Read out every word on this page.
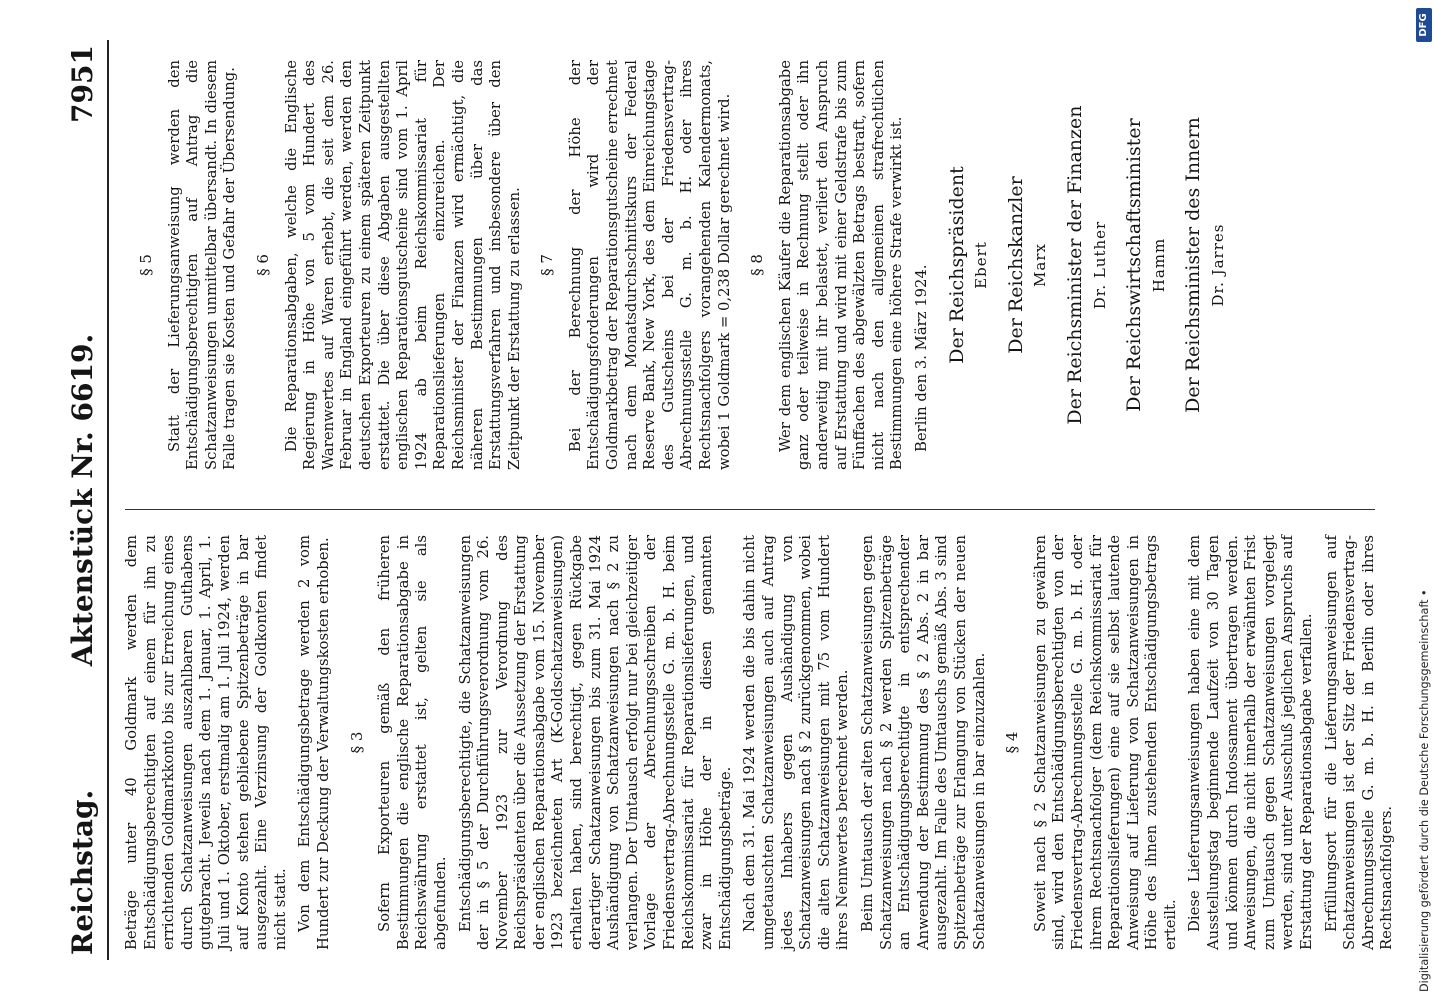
Reichstag.
Aktenstück Nr. 6619.
7951

Beträge unter 40 Goldmark werden dem Entschädigungsberechtigten auf einem für ihn zu errichtenden Goldmarkkonto bis zur Erreichung eines durch Schatzanweisungen auszahlbaren Guthabens gutgebracht. Jeweils nach dem 1. Januar, 1. April, 1. Juli und 1. Oktober, erstmalig am 1. Juli 1924, werden auf Konto stehen gebliebene Spitzenbeträge in bar ausgezahlt. Eine Verzinsung der Goldkonten findet nicht statt. Von dem Entschädigungsbetrage werden 2 vom Hundert zur Deckung der Verwaltungskosten erhoben. § 3 Sofern Exporteuren gemäß den früheren Bestimmungen die englische Reparationsabgabe in Reichswährung erstattet ist, gelten sie als abgefunden. Entschädigungsberechtigte, die Schatzanweisungen der in § 5 der Durchführungsverordnung vom 26. November 1923 zur Verordnung des Reichspräsidenten über die Aussetzung der Erstattung der englischen Reparationsabgabe vom 15. November 1923 bezeichneten Art (K-Goldschatzanweisungen) erhalten haben, sind berechtigt, gegen Rückgabe derartiger Schatzanweisungen bis zum 31. Mai 1924 Aushändigung von Schatzanweisungen nach § 2 zu verlangen. Der Umtausch erfolgt nur bei gleichzeitiger Vorlage der Abrechnungsschreiben der Friedensvertrag-Abrechnungsstelle G. m. b. H. beim Reichskommissariat für Reparationslieferungen, und zwar in Höhe der in diesen genannten Entschädigungsbeträge. Nach dem 31. Mai 1924 werden die bis dahin nicht umgetauschten Schatzanweisungen auch auf Antrag jedes Inhabers gegen Aushändigung von Schatzanweisungen nach § 2 zurückgenommen, wobei die alten Schatzanweisungen mit 75 vom Hundert ihres Nennwertes berechnet werden. Beim Umtausch der alten Schatzanweisungen gegen Schatzanweisungen nach § 2 werden Spitzenbeträge an Entschädigungsberechtigte in entsprechender Anwendung der Bestimmung des § 2 Abs. 2 in bar ausgezahlt. Im Falle des Umtauschs gemäß Abs. 3 sind Spitzenbeträge zur Erlangung von Stücken der neuen Schatzanweisungen in bar einzuzahlen. § 4 Soweit nach § 2 Schatzanweisungen zu gewähren sind, wird den Entschädigungsberechtigten von der Friedensvertrag-Abrechnungsstelle G. m. b. H. oder ihrem Rechtsnachfolger (dem Reichskommissariat für Reparationslieferungen) eine auf sie selbst lautende Anweisung auf Lieferung von Schatzanweisungen in Höhe des ihnen zustehenden Entschädigungsbetrags erteilt. Diese Lieferungsanweisungen haben eine mit dem Ausstellungstag beginnende Laufzeit von 30 Tagen und können durch Indossament übertragen werden. Anweisungen, die nicht innerhalb der erwähnten Frist zum Umtausch gegen Schatzanweisungen vorgelegt werden, sind unter Ausschluß jeglichen Anspruchs auf Erstattung der Reparationsabgabe verfallen. Erfüllungsort für die Lieferungsanweisungen auf Schatzanweisungen ist der Sitz der Friedensvertrag-Abrechnungsstelle G. m. b. H. in Berlin oder ihres Rechtsnachfolgers.

§ 5 Statt der Lieferungsanweisung werden den Entschädigungsberechtigten auf Antrag die Schatzanweisungen unmittelbar übersandt. In diesem Falle tragen sie Kosten und Gefahr der Übersendung. § 6 Die Reparationsabgaben, welche die Englische Regierung in Höhe von 5 vom Hundert des Warenwertes auf Waren erhebt, die seit dem 26. Februar in England eingeführt werden, werden den deutschen Exporteuren zu einem späteren Zeitpunkt erstattet. Die über diese Abgaben ausgestellten englischen Reparationsgutscheine sind vom 1. April 1924 ab beim Reichskommissariat für Reparationslieferungen einzureichen. Der Reichsminister der Finanzen wird ermächtigt, die näheren Bestimmungen über das Erstattungsverfahren und insbesondere über den Zeitpunkt der Erstattung zu erlassen. § 7 Bei der Berechnung der Höhe der Entschädigungsforderungen wird der Goldmarkbetrag der Reparationsgutscheine errechnet nach dem Monatsdurchschnittskurs der Federal Reserve Bank, New York, des dem Einreichungstage des Gutscheins bei der Friedensvertrag-Abrechnungsstelle G. m. b. H. oder ihres Rechtsnachfolgers vorangehenden Kalendermonats, wobei 1 Goldmark = 0,238 Dollar gerechnet wird. § 8 Wer dem englischen Käufer die Reparationsabgabe ganz oder teilweise in Rechnung stellt oder ihn anderweitig mit ihr belastet, verliert den Anspruch auf Erstattung und wird mit einer Geldstrafe bis zum Fünffachen des abgewälzten Betrags bestraft, sofern nicht nach den allgemeinen strafrechtlichen Bestimmungen eine höhere Strafe verwirkt ist. Berlin den 3. März 1924. Der Reichspräsident Ebert Der Reichskanzler Marx Der Reichsminister der Finanzen Dr. Luther Der Reichswirtschaftsminister Hamm Der Reichsminister des Innern Dr. Jarres
DFG
Digitalisierung gefördert durch die Deutsche Forschungsgemeinschaft •
